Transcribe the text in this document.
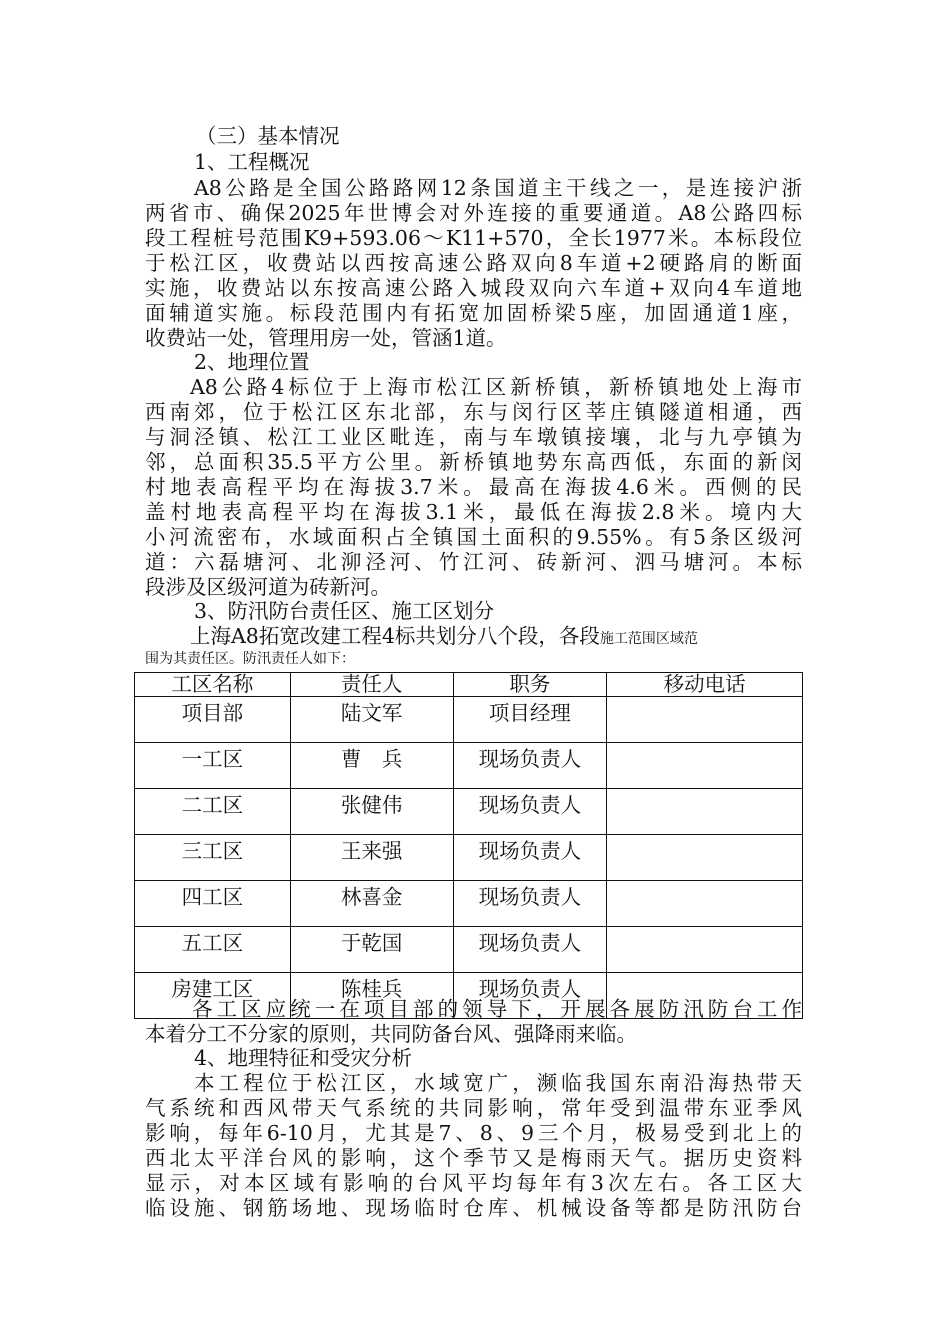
（三）基本情况
1、工程概况
A8公路是全国公路路网12条国道主干线之一，是连接沪浙
两省市、确保2025年世博会对外连接的重要通道。A8公路四标
段工程桩号范围K9+593.06～K11+570，全长1977米。本标段位
于松江区，收费站以西按高速公路双向8车道+2硬路肩的断面
实施，收费站以东按高速公路入城段双向六车道+双向4车道地
面辅道实施。标段范围内有拓宽加固桥梁5座，加固通道1座，
收费站一处，管理用房一处，管涵1道。
2、地理位置
A8公路4标位于上海市松江区新桥镇，新桥镇地处上海市
西南郊，位于松江区东北部，东与闵行区莘庄镇隧道相通，西
与洞泾镇、松江工业区毗连，南与车墩镇接壤，北与九亭镇为
邻，总面积35.5平方公里。新桥镇地势东高西低，东面的新闵
村地表高程平均在海拔3.7米。最高在海拔4.6米。西侧的民
盖村地表高程平均在海拔3.1米，最低在海拔2.8米。境内大
小河流密布，水域面积占全镇国土面积的9.55%。有5条区级河
道：六磊塘河、北泖泾河、竹江河、砖新河、泗马塘河。本标
段涉及区级河道为砖新河。
3、防汛防台责任区、施工区划分
上海A8拓宽改建工程4标共划分八个段，各段施工范围区域范
围为其责任区。防汛责任人如下：
工区名称	责任人	职务	移动电话
项目部	陆文军	项目经理	
一工区	曹　兵	现场负责人	
二工区	张健伟	现场负责人	
三工区	王来强	现场负责人	
四工区	林喜金	现场负责人	
五工区	于乾国	现场负责人	
房建工区	陈桂兵	现场负责人	
各工区应统一在项目部的领导下，开展各展防汛防台工作
本着分工不分家的原则，共同防备台风、强降雨来临。
4、地理特征和受灾分析
本工程位于松江区，水域宽广，濒临我国东南沿海热带天
气系统和西风带天气系统的共同影响，常年受到温带东亚季风
影响，每年6-10月，尤其是7、8、9三个月，极易受到北上的
西北太平洋台风的影响，这个季节又是梅雨天气。据历史资料
显示，对本区域有影响的台风平均每年有3次左右。各工区大
临设施、钢筋场地、现场临时仓库、机械设备等都是防汛防台
